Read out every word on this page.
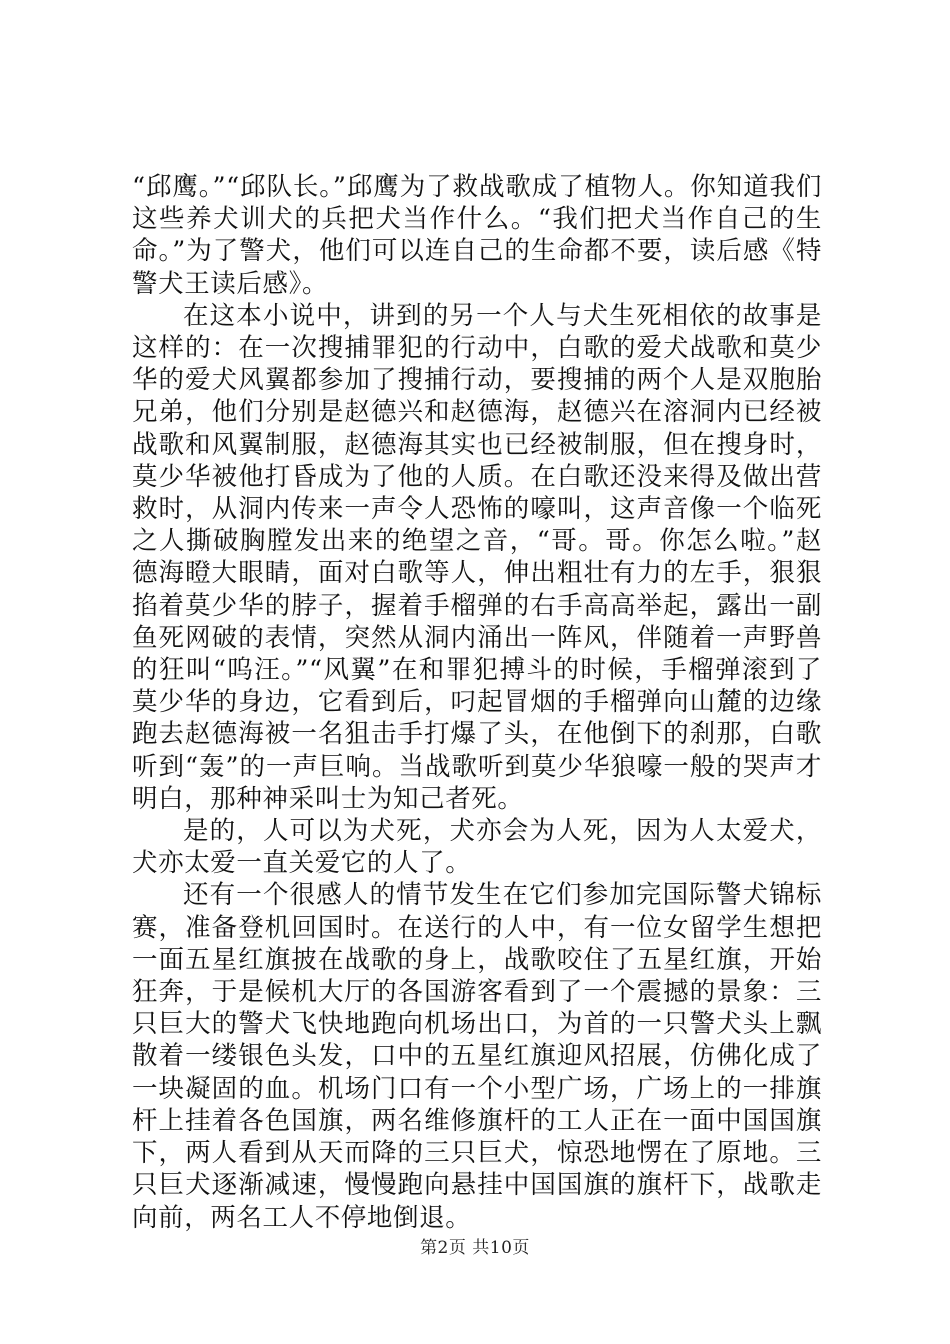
“邱鹰。”“邱队长。”邱鹰为了救战歌成了植物人。你知道我们这些养犬训犬的兵把犬当作什么。“我们把犬当作自己的生命。”为了警犬，他们可以连自己的生命都不要，读后感《特警犬王读后感》。

在这本小说中，讲到的另一个人与犬生死相依的故事是这样的：在一次搜捕罪犯的行动中，白歌的爱犬战歌和莫少华的爱犬风翼都参加了搜捕行动，要搜捕的两个人是双胞胎兄弟，他们分别是赵德兴和赵德海，赵德兴在溶洞内已经被战歌和风翼制服，赵德海其实也已经被制服，但在搜身时，莫少华被他打昏成为了他的人质。在白歌还没来得及做出营救时，从洞内传来一声令人恐怖的嚎叫，这声音像一个临死之人撕破胸膛发出来的绝望之音，“哥。哥。你怎么啦。”赵德海瞪大眼睛，面对白歌等人，伸出粗壮有力的左手，狠狠掐着莫少华的脖子，握着手榴弹的右手高高举起，露出一副鱼死网破的表情，突然从洞内涌出一阵风，伴随着一声野兽的狂叫“呜汪。”“风翼”在和罪犯搏斗的时候，手榴弹滚到了莫少华的身边，它看到后，叼起冒烟的手榴弹向山麓的边缘跑去赵德海被一名狙击手打爆了头，在他倒下的刹那，白歌听到“轰”的一声巨响。当战歌听到莫少华狼嚎一般的哭声才明白，那种神采叫士为知己者死。

是的，人可以为犬死，犬亦会为人死，因为人太爱犬，犬亦太爱一直关爱它的人了。

还有一个很感人的情节发生在它们参加完国际警犬锦标赛，准备登机回国时。在送行的人中，有一位女留学生想把一面五星红旗披在战歌的身上，战歌咬住了五星红旗，开始狂奔，于是候机大厅的各国游客看到了一个震撼的景象：三只巨大的警犬飞快地跑向机场出口，为首的一只警犬头上飘散着一缕银色头发，口中的五星红旗迎风招展，仿佛化成了一块凝固的血。机场门口有一个小型广场，广场上的一排旗杆上挂着各色国旗，两名维修旗杆的工人正在一面中国国旗下，两人看到从天而降的三只巨犬，惊恐地愣在了原地。三只巨犬逐渐减速，慢慢跑向悬挂中国国旗的旗杆下，战歌走向前，两名工人不停地倒退。

第2页 共10页
